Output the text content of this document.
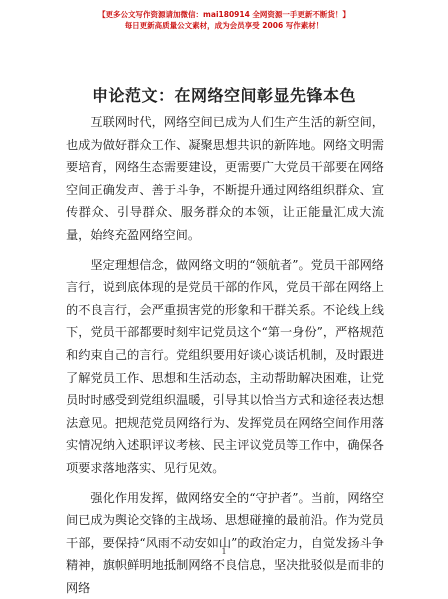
【更多公文写作资源请加微信：mai180914 全网资源一手更新不断货！】
每日更新高质量公文素材，成为会员享受 2006 写作素材！
申论范文：在网络空间彰显先锋本色

互联网时代，网络空间已成为人们生产生活的新空间，也成为做好群众工作、凝聚思想共识的新阵地。网络文明需要培育，网络生态需要建设，更需要广大党员干部要在网络空间正确发声、善于斗争，不断提升通过网络组织群众、宣传群众、引导群众、服务群众的本领，让正能量汇成大流量，始终充盈网络空间。

坚定理想信念，做网络文明的“领航者”。党员干部网络言行，说到底体现的是党员干部的作风，党员干部在网络上的不良言行，会严重损害党的形象和干群关系。不论线上线下，党员干部都要时刻牢记党员这个“第一身份”，严格规范和约束自己的言行。党组织要用好谈心谈话机制，及时跟进了解党员工作、思想和生活动态，主动帮助解决困难，让党员时时感受到党组织温暖，引导其以恰当方式和途径表达想法意见。把规范党员网络行为、发挥党员在网络空间作用落实情况纳入述职评议考核、民主评议党员等工作中，确保各项要求落地落实、见行见效。

强化作用发挥，做网络安全的“守护者”。当前，网络空间已成为舆论交锋的主战场、思想碰撞的最前沿。作为党员干部，要保持“风雨不动安如山”的政治定力，自觉发扬斗争精神，旗帜鲜明地抵制网络不良信息，坚决批驳似是而非的网络

1
